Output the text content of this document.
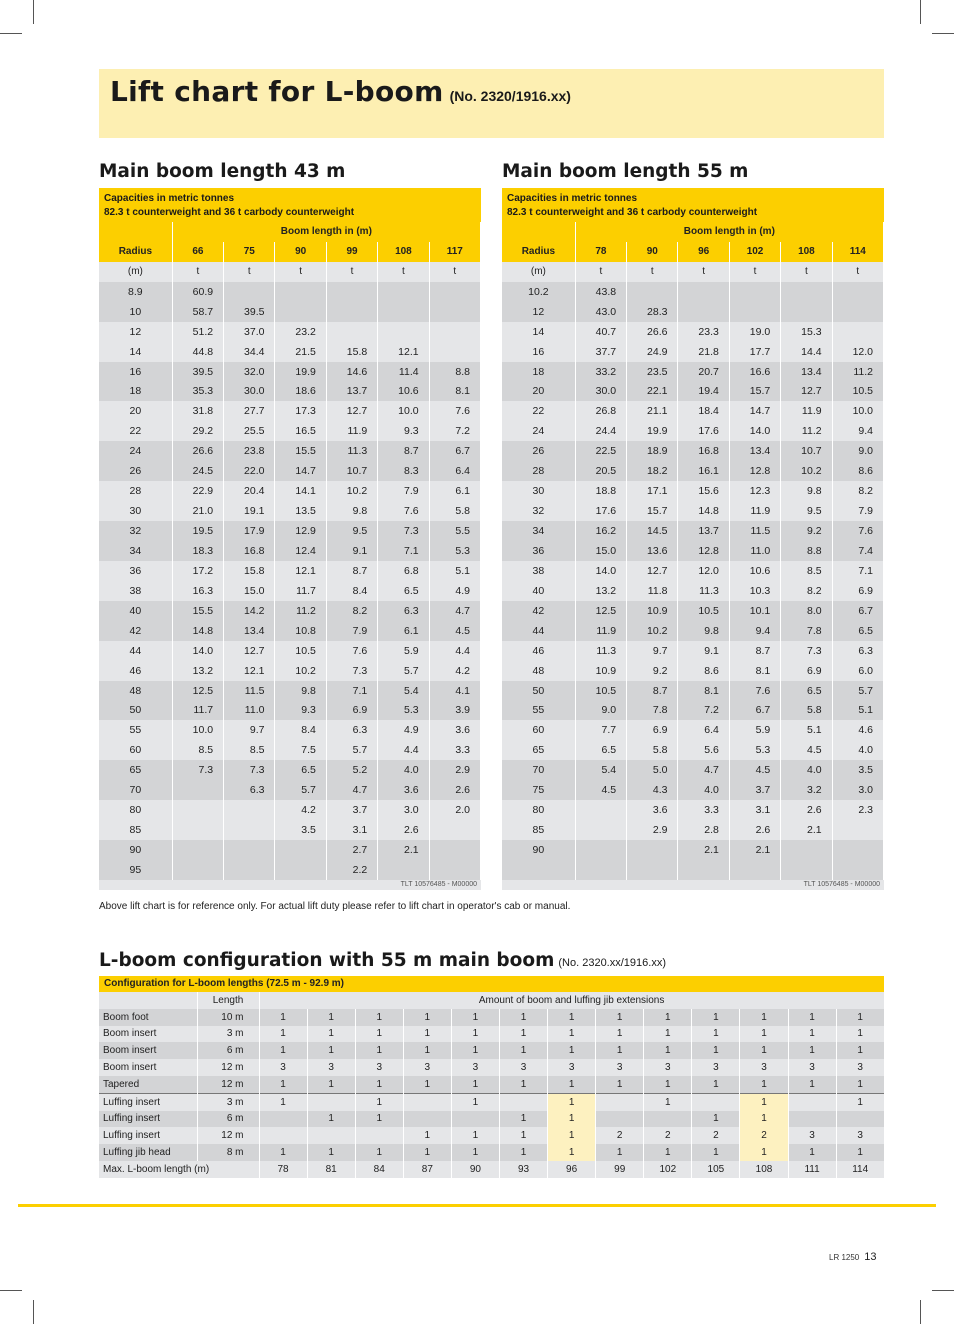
Lift chart for L-boom (No. 2320/1916.xx)
Main boom length 43 m	Main boom length 55 m
Capacities in metric tonnes
82.3 t counterweight and 36 t carbody counterweight
	Boom length in (m)					
Radius	66	75	90	99	108	117
(m)	t	t	t	t	t	t
8.9	60.9					
10	58.7	39.5				
12	51.2	37.0	23.2			
14	44.8	34.4	21.5	15.8	12.1	
16	39.5	32.0	19.9	14.6	11.4	8.8
18	35.3	30.0	18.6	13.7	10.6	8.1
20	31.8	27.7	17.3	12.7	10.0	7.6
22	29.2	25.5	16.5	11.9	9.3	7.2
24	26.6	23.8	15.5	11.3	8.7	6.7
26	24.5	22.0	14.7	10.7	8.3	6.4
28	22.9	20.4	14.1	10.2	7.9	6.1
30	21.0	19.1	13.5	9.8	7.6	5.8
32	19.5	17.9	12.9	9.5	7.3	5.5
34	18.3	16.8	12.4	9.1	7.1	5.3
36	17.2	15.8	12.1	8.7	6.8	5.1
38	16.3	15.0	11.7	8.4	6.5	4.9
40	15.5	14.2	11.2	8.2	6.3	4.7
42	14.8	13.4	10.8	7.9	6.1	4.5
44	14.0	12.7	10.5	7.6	5.9	4.4
46	13.2	12.1	10.2	7.3	5.7	4.2
48	12.5	11.5	9.8	7.1	5.4	4.1
50	11.7	11.0	9.3	6.9	5.3	3.9
55	10.0	9.7	8.4	6.3	4.9	3.6
60	8.5	8.5	7.5	5.7	4.4	3.3
65	7.3	7.3	6.5	5.2	4.0	2.9
70		6.3	5.7	4.7	3.6	2.6
80			4.2	3.7	3.0	2.0
85			3.5	3.1	2.6	
90				2.7	2.1	
95				2.2		
TLT 10576485 - M00000
Capacities in metric tonnes
82.3 t counterweight and 36 t carbody counterweight
	Boom length in (m)					
Radius	78	90	96	102	108	114
(m)	t	t	t	t	t	t
10.2	43.8					
12	43.0	28.3				
14	40.7	26.6	23.3	19.0	15.3	
16	37.7	24.9	21.8	17.7	14.4	12.0
18	33.2	23.5	20.7	16.6	13.4	11.2
20	30.0	22.1	19.4	15.7	12.7	10.5
22	26.8	21.1	18.4	14.7	11.9	10.0
24	24.4	19.9	17.6	14.0	11.2	9.4
26	22.5	18.9	16.8	13.4	10.7	9.0
28	20.5	18.2	16.1	12.8	10.2	8.6
30	18.8	17.1	15.6	12.3	9.8	8.2
32	17.6	15.7	14.8	11.9	9.5	7.9
34	16.2	14.5	13.7	11.5	9.2	7.6
36	15.0	13.6	12.8	11.0	8.8	7.4
38	14.0	12.7	12.0	10.6	8.5	7.1
40	13.2	11.8	11.3	10.3	8.2	6.9
42	12.5	10.9	10.5	10.1	8.0	6.7
44	11.9	10.2	9.8	9.4	7.8	6.5
46	11.3	9.7	9.1	8.7	7.3	6.3
48	10.9	9.2	8.6	8.1	6.9	6.0
50	10.5	8.7	8.1	7.6	6.5	5.7
55	9.0	7.8	7.2	6.7	5.8	5.1
60	7.7	6.9	6.4	5.9	5.1	4.6
65	6.5	5.8	5.6	5.3	4.5	4.0
70	5.4	5.0	4.7	4.5	4.0	3.5
75	4.5	4.3	4.0	3.7	3.2	3.0
80		3.6	3.3	3.1	2.6	2.3
85		2.9	2.8	2.6	2.1	
90			2.1	2.1		

TLT 10576485 - M00000
Above lift chart is for reference only. For actual lift duty please refer to lift chart in operator's cab or manual.
L-boom configuration with 55 m main boom (No. 2320.xx/1916.xx)
Configuration for L-boom lengths (72.5 m - 92.9 m)
	Length	Amount of boom and luffing jib extensions												
Boom foot	10 m	1	1	1	1	1	1	1	1	1	1	1	1	1
Boom insert	3 m	1	1	1	1	1	1	1	1	1	1	1	1	1
Boom insert	6 m	1	1	1	1	1	1	1	1	1	1	1	1	1
Boom insert	12 m	3	3	3	3	3	3	3	3	3	3	3	3	3
Tapered	12 m	1	1	1	1	1	1	1	1	1	1	1	1	1
Luffing insert	3 m	1		1		1		1		1		1		1
Luffing insert	6 m		1	1			1	1			1	1		
Luffing insert	12 m				1	1	1	1	2	2	2	2	3	3
Luffing jib head	8 m	1	1	1	1	1	1	1	1	1	1	1	1	1
Max. L-boom length (m)		78	81	84	87	90	93	96	99	102	105	108	111	114
LR 1250 13
